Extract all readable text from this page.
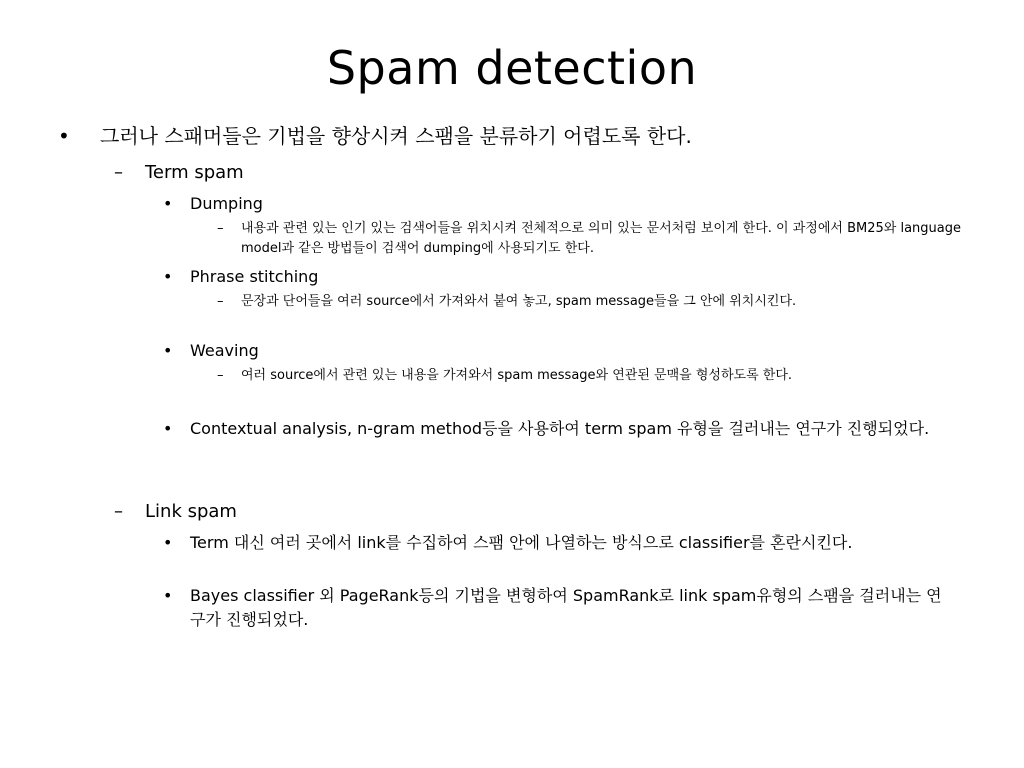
Spam detection
•	그러나 스패머들은 기법을 향상시켜 스팸을 분류하기 어렵도록 한다.
–	Term spam
•	Dumping
–	내용과 관련 있는 인기 있는 검색어들을 위치시켜 전체적으로 의미 있는 문서처럼 보이게 한다. 이 과정에서 BM25와 language model과 같은 방법들이 검색어 dumping에 사용되기도 한다.
•	Phrase stitching
–	문장과 단어들을 여러 source에서 가져와서 붙여 놓고, spam message들을 그 안에 위치시킨다.
•	Weaving
–	여러 source에서 관련 있는 내용을 가져와서 spam message와 연관된 문맥을 형성하도록 한다.
•	Contextual analysis, n-gram method등을 사용하여 term spam 유형을 걸러내는 연구가 진행되었다.
–	Link spam
•	Term 대신 여러 곳에서 link를 수집하여 스팸 안에 나열하는 방식으로 classifier를 혼란시킨다.
•	Bayes classifier 외 PageRank등의 기법을 변형하여 SpamRank로 link spam유형의 스팸을 걸러내는 연구가 진행되었다.
